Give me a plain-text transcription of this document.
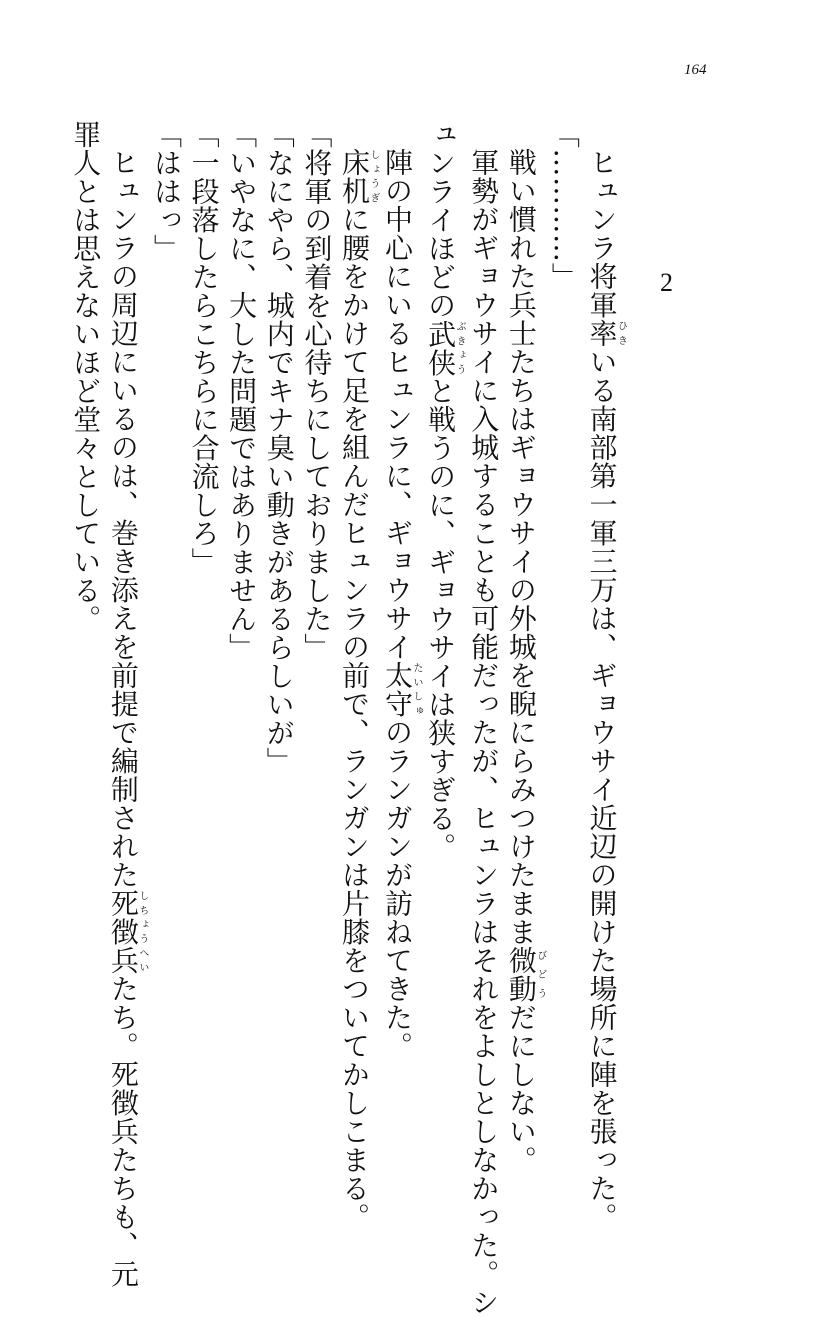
164
2
ヒュンラ将軍率ひきいる南部第一軍三万は、ギョウサイ近辺の開けた場所に陣を張った。
「…………」
戦い慣れた兵士たちはギョウサイの外城を睨にらみつけたまま微動びどうだにしない。
軍勢がギョウサイに入城することも可能だったが、ヒュンラはそれをよしとしなかった。シ
ュンライほどの武侠ぶきょうと戦うのに、ギョウサイは狭すぎる。
陣の中心にいるヒュンラに、ギョウサイ太守たいしゅのランガンが訪ねてきた。
床机しょうぎに腰をかけて足を組んだヒュンラの前で、ランガンは片膝をついてかしこまる。
「将軍の到着を心待ちにしておりました」
「なにやら、城内でキナ臭い動きがあるらしいが」
「いやなに、大した問題ではありません」
「一段落したらこちらに合流しろ」
「ははっ」
ヒュンラの周辺にいるのは、巻き添えを前提で編制された死徴兵しちょうへいたち。死徴兵たちも、元
罪人とは思えないほど堂々としている。
